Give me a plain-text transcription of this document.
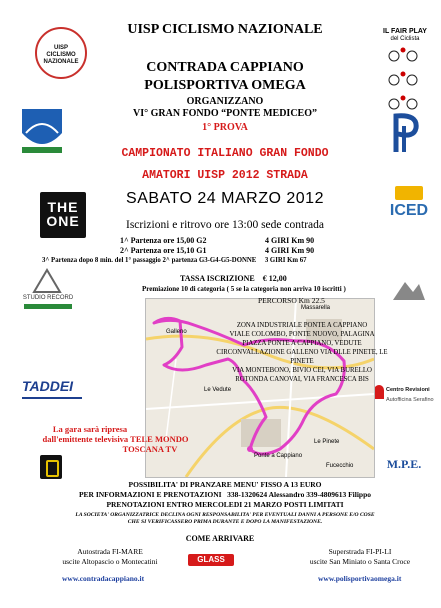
UISP CICLISMO NAZIONALE
IL FAIR PLAY
del Ciclista
THE ONE
ICED
STUDIO RECORD
TADDEI	Centro Revisioni
Autofficina Serafino
M.P.E.
GLASS
UISP CICLISMO NAZIONALE
CONTRADA CAPPIANO
POLISPORTIVA OMEGA
ORGANIZZANO
VI° GRAN FONDO “PONTE MEDICEO”
1° PROVA
CAMPIONATO ITALIANO GRAN FONDO
AMATORI UISP 2012 STRADA
SABATO 24 MARZO 2012
Iscrizioni e ritrovo ore 13:00 sede contrada
1^ Partenza ore 15,00 G2	4 GIRI Km 90
2^ Partenza ore 15,10 G1	4 GIRI Km 90
3^ Partenza dopo 8 min. del 1° passaggio 2^ partenza G3-G4-G5-DONNE     3 GIRI Km 67
TASSA ISCRIZIONE    € 12,00
Premiazione 10 di categoria ( 5 se la categoria non arriva 10 iscritti )
Galleno
Massarella
Le Vedute
Ponte a Cappiano
Le Pinete
Fucecchio
PERCORSO Km 22.5
ZONA INDUSTRIALE PONTE A CAPPIANO
VIALE COLOMBO, PONTE NUOVO, PALAGINA
PIAZZA PONTE A CAPPIANO, VEDUTE
CIRCONVALLAZIONE GALLENO VIA DLLE PINETE, LE PINETE
VIA MONTEBONO, BIVIO CEI, VIA BURELLO
ROTONDA CANOVAI, VIA FRANCESCA BIS
La gara sarà ripresa
dall'emittente televisiva TELE MONDO
TOSCANA TV
POSSIBILITA' DI PRANZARE MENU' FISSO A 13 EURO
PER INFORMAZIONI E PRENOTAZIONI   338-1320624 Alessandro 339-4809613 Filippo
PRENOTAZIONI ENTRO MERCOLEDI 21 MARZO POSTI LIMITATI
LA SOCIETA' ORGANIZZATRICE DECLINA OGNI RESPONSABILITA' PER EVENTUALI DANNI A PERSONE E/O COSE
CHE SI VERIFICASSERO PRIMA DURANTE E DOPO LA MANIFESTAZIONE.
COME ARRIVARE
Autostrada FI-MARE
uscite Altopascio o Montecatini
Superstrada FI-PI-LI
uscite San Miniato o Santa Croce
www.contradacappiano.it	www.polisportivaomega.it
